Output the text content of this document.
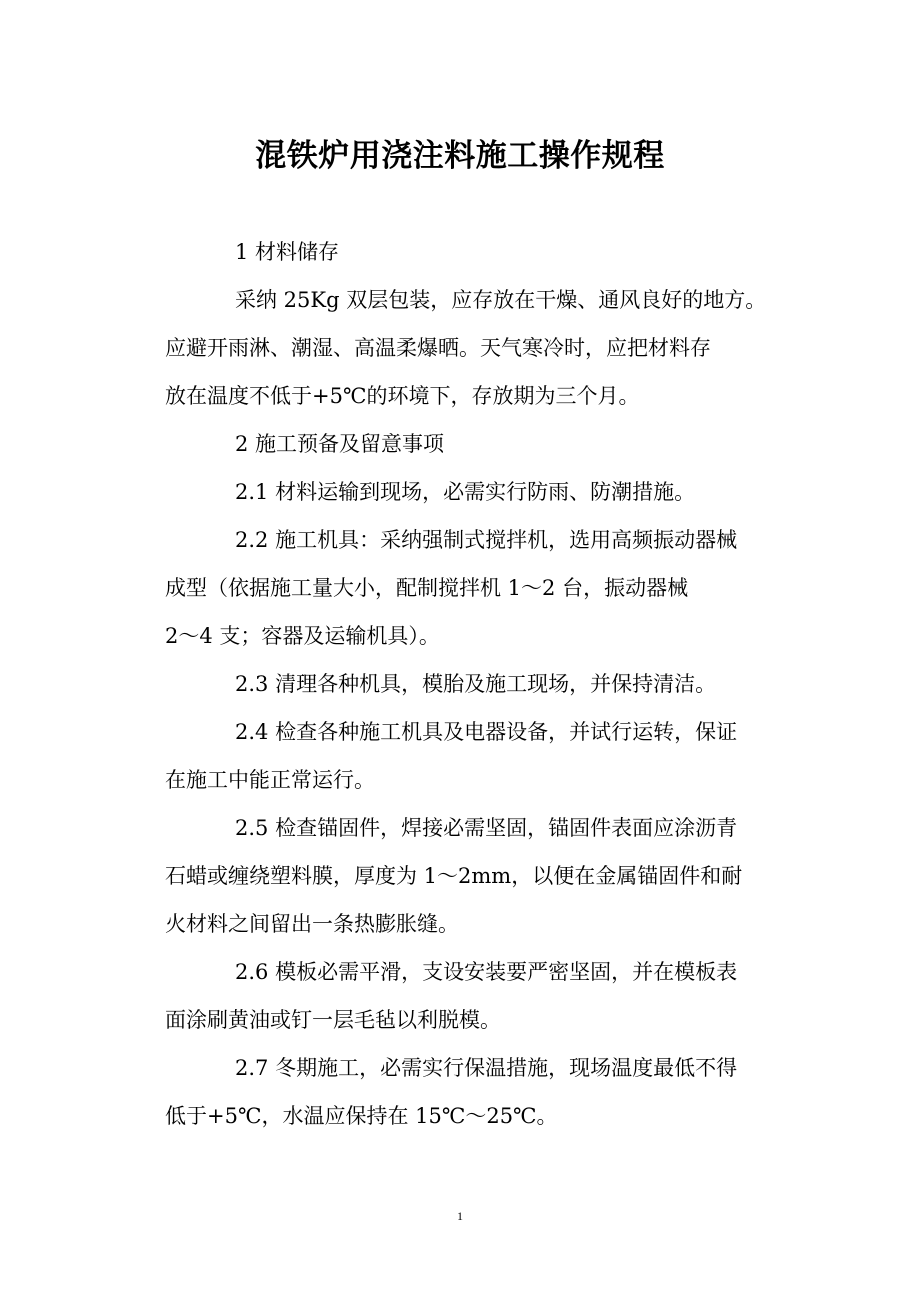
混铁炉用浇注料施工操作规程
1 材料储存
采纳 25Kg 双层包装，应存放在干燥、通风良好的地方。
应避开雨淋、潮湿、高温柔爆晒。天气寒冷时，应把材料存
放在温度不低于+5℃的环境下，存放期为三个月。
2 施工预备及留意事项
2.1 材料运输到现场，必需实行防雨、防潮措施。
2.2 施工机具：采纳强制式搅拌机，选用高频振动器械
成型（依据施工量大小，配制搅拌机 1～2 台，振动器械
2～4 支；容器及运输机具）。
2.3 清理各种机具，模胎及施工现场，并保持清洁。
2.4 检查各种施工机具及电器设备，并试行运转，保证
在施工中能正常运行。
2.5 检查锚固件，焊接必需坚固，锚固件表面应涂沥青
石蜡或缠绕塑料膜，厚度为 1～2mm，以便在金属锚固件和耐
火材料之间留出一条热膨胀缝。
2.6 模板必需平滑，支设安装要严密坚固，并在模板表
面涂刷黄油或钉一层毛毡以利脱模。
2.7 冬期施工，必需实行保温措施，现场温度最低不得
低于+5℃，水温应保持在 15℃～25℃。
1
